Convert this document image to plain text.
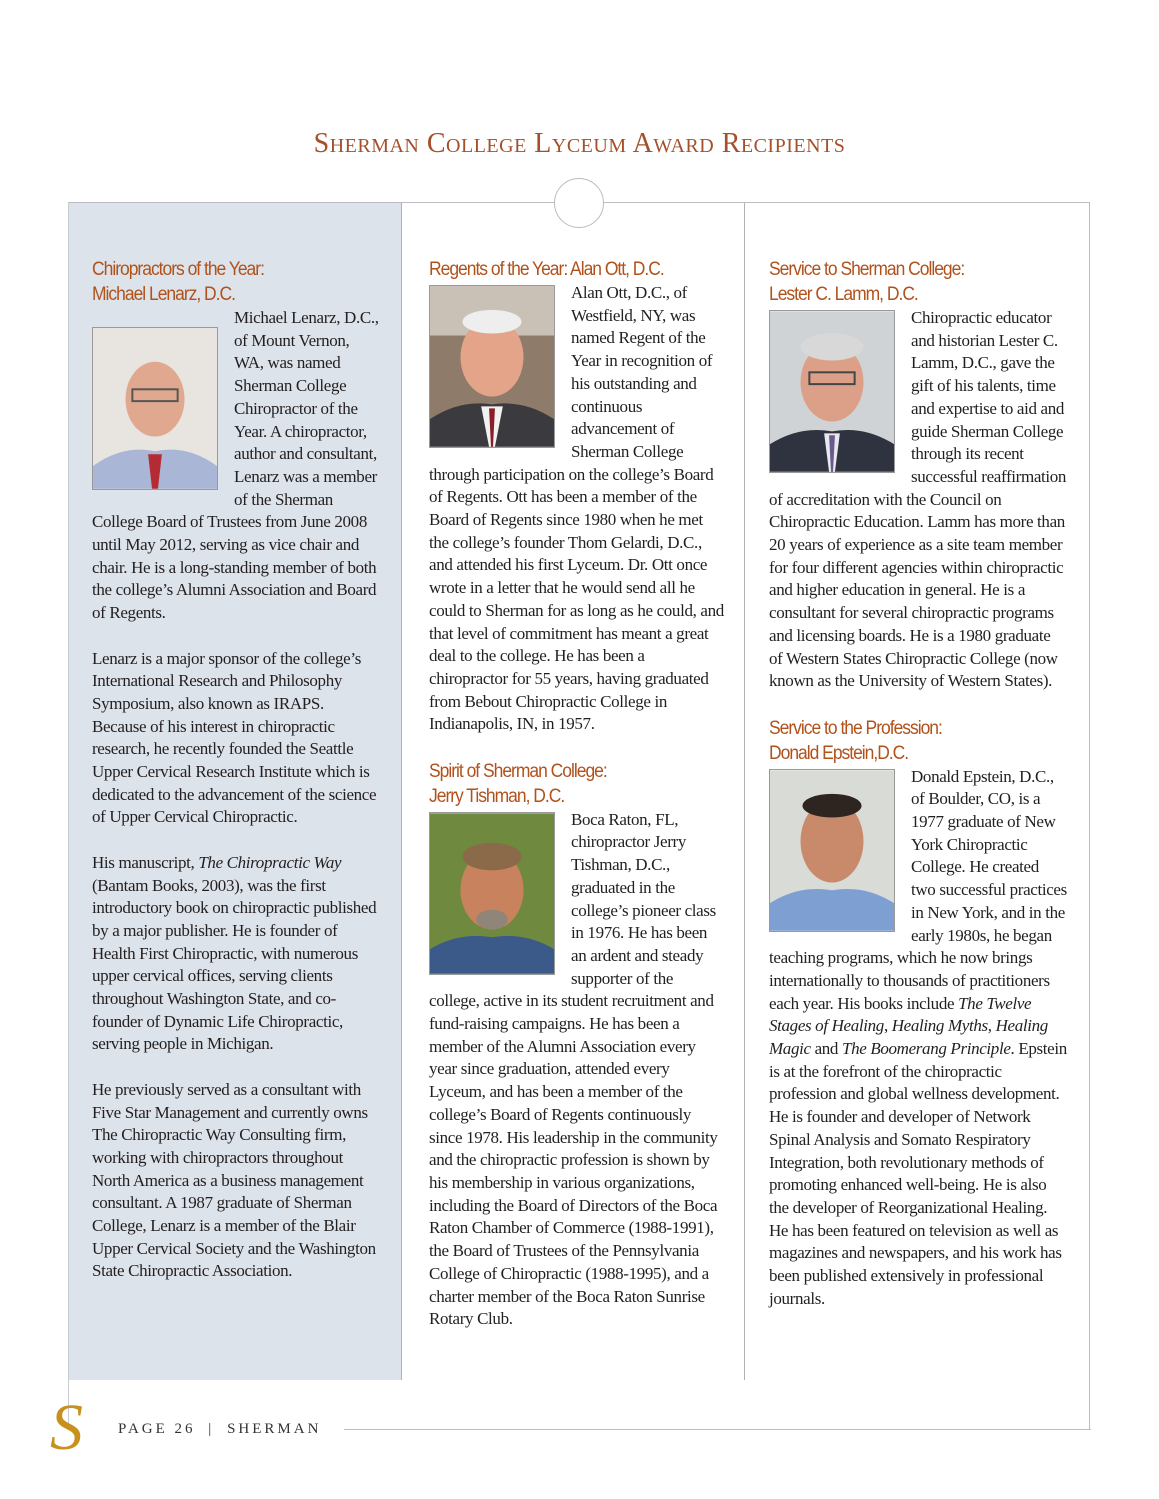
Sherman College Lyceum Award Recipients
Chiropractors of the Year:
Michael Lenarz, D.C.

Michael Lenarz, D.C., of Mount Vernon, WA, was named Sherman College Chiropractor of the Year. A chiropractor, author and consultant, Lenarz was a member of the Sherman College Board of Trustees from June 2008 until May 2012, serving as vice chair and chair. He is a long-standing member of both the college’s Alumni Association and Board of Regents.

Lenarz is a major sponsor of the college’s International Research and Philosophy Symposium, also known as IRAPS. Because of his interest in chiropractic research, he recently founded the Seattle Upper Cervical Research Institute which is dedicated to the advancement of the science of Upper Cervical Chiropractic.

His manuscript, The Chiropractic Way (Bantam Books, 2003), was the first introductory book on chiropractic published by a major publisher. He is founder of Health First Chiropractic, with numerous upper cervical offices, serving clients throughout Washington State, and co-founder of Dynamic Life Chiropractic, serving people in Michigan.

He previously served as a consultant with Five Star Management and currently owns The Chiropractic Way Consulting firm, working with chiropractors throughout North America as a business management consultant. A 1987 graduate of Sherman College, Lenarz is a member of the Blair Upper Cervical Society and the Washington State Chiropractic Association.

Regents of the Year: Alan Ott, D.C.

Alan Ott, D.C., of Westfield, NY, was named Regent of the Year in recognition of his outstanding and continuous advancement of Sherman College through participation on the college’s Board of Regents. Ott has been a member of the Board of Regents since 1980 when he met the college’s founder Thom Gelardi, D.C., and attended his first Lyceum. Dr. Ott once wrote in a letter that he would send all he could to Sherman for as long as he could, and that level of commitment has meant a great deal to the college. He has been a chiropractor for 55 years, having graduated from Bebout Chiropractic College in Indianapolis, IN, in 1957.

Spirit of Sherman College:
Jerry Tishman, D.C.

Boca Raton, FL, chiropractor Jerry Tishman, D.C., graduated in the college’s pioneer class in 1976. He has been an ardent and steady supporter of the college, active in its student recruitment and fund-raising campaigns. He has been a member of the Alumni Association every year since graduation, attended every Lyceum, and has been a member of the college’s Board of Regents continuously since 1978. His leadership in the community and the chiropractic profession is shown by his membership in various organizations, including the Board of Directors of the Boca Raton Chamber of Commerce (1988-1991), the Board of Trustees of the Pennsylvania College of Chiropractic (1988-1995), and a charter member of the Boca Raton Sunrise Rotary Club.

Service to Sherman College:
Lester C. Lamm, D.C.

Chiropractic educator and historian Lester C. Lamm, D.C., gave the gift of his talents, time and expertise to aid and guide Sherman College through its recent successful reaffirmation of accreditation with the Council on Chiropractic Education. Lamm has more than 20 years of experience as a site team member for four different agencies within chiropractic and higher education in general. He is a consultant for several chiropractic programs and licensing boards. He is a 1980 graduate of Western States Chiropractic College (now known as the University of Western States).

Service to the Profession:
Donald Epstein,D.C.

Donald Epstein, D.C., of Boulder, CO, is a 1977 graduate of New York Chiropractic College. He created two successful practices in New York, and in the early 1980s, he began teaching programs, which he now brings internationally to thousands of practitioners each year. His books include The Twelve Stages of Healing, Healing Myths, Healing Magic and The Boomerang Principle. Epstein is at the forefront of the chiropractic profession and global wellness development. He is founder and developer of Network Spinal Analysis and Somato Respiratory Integration, both revolutionary methods of promoting enhanced well-being. He is also the developer of Reorganizational Healing. He has been featured on television as well as magazines and newspapers, and his work has been published extensively in professional journals.

S PAGE 26 | SHERMAN
